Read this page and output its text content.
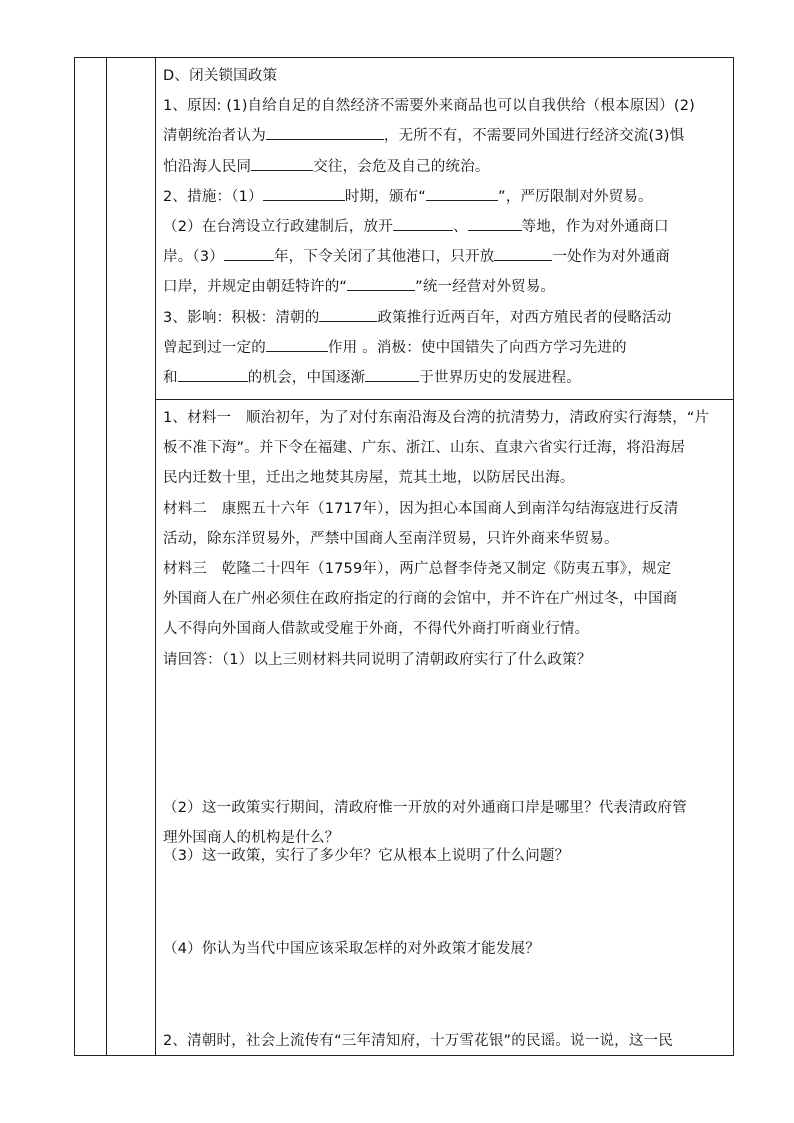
D、闭关锁国政策

1、原因: (1)自给自足的自然经济不需要外来商品也可以自我供给（根本原因）(2)

清朝统治者认为	，无所不有，不需要同外国进行经济交流(3)惧

怕沿海人民同	交往，会危及自己的统治。

2、措施：（1）	时期，颁布“	”，严厉限制对外贸易。

（2）在台湾设立行政建制后，放开	、	等地，作为对外通商口

岸。（3）	年，下令关闭了其他港口，只开放	一处作为对外通商

口岸，并规定由朝廷特许的“	”统一经营对外贸易。

3、影响：积极：清朝的	政策推行近两百年，对西方殖民者的侵略活动

曾起到过一定的	作用 。消极：使中国错失了向西方学习先进的

和	的机会，中国逐渐	于世界历史的发展进程。

1、材料一　顺治初年，为了对付东南沿海及台湾的抗清势力，清政府实行海禁，“片

板不准下海”。并下令在福建、广东、浙江、山东、直隶六省实行迁海，将沿海居

民内迁数十里，迁出之地焚其房屋，荒其土地，以防居民出海。

材料二　康熙五十六年（1717年），因为担心本国商人到南洋勾结海寇进行反清

活动，除东洋贸易外，严禁中国商人至南洋贸易，只许外商来华贸易。

材料三　乾隆二十四年（1759年），两广总督李侍尧又制定《防夷五事》，规定

外国商人在广州必须住在政府指定的行商的会馆中，并不许在广州过冬，中国商

人不得向外国商人借款或受雇于外商，不得代外商打听商业行情。

请回答：（1）以上三则材料共同说明了清朝政府实行了什么政策？

（2）这一政策实行期间，清政府惟一开放的对外通商口岸是哪里？代表清政府管

理外国商人的机构是什么？

（3）这一政策，实行了多少年？它从根本上说明了什么问题？

（4）你认为当代中国应该采取怎样的对外政策才能发展？

2、清朝时，社会上流传有“三年清知府，十万雪花银”的民谣。说一说，这一民
